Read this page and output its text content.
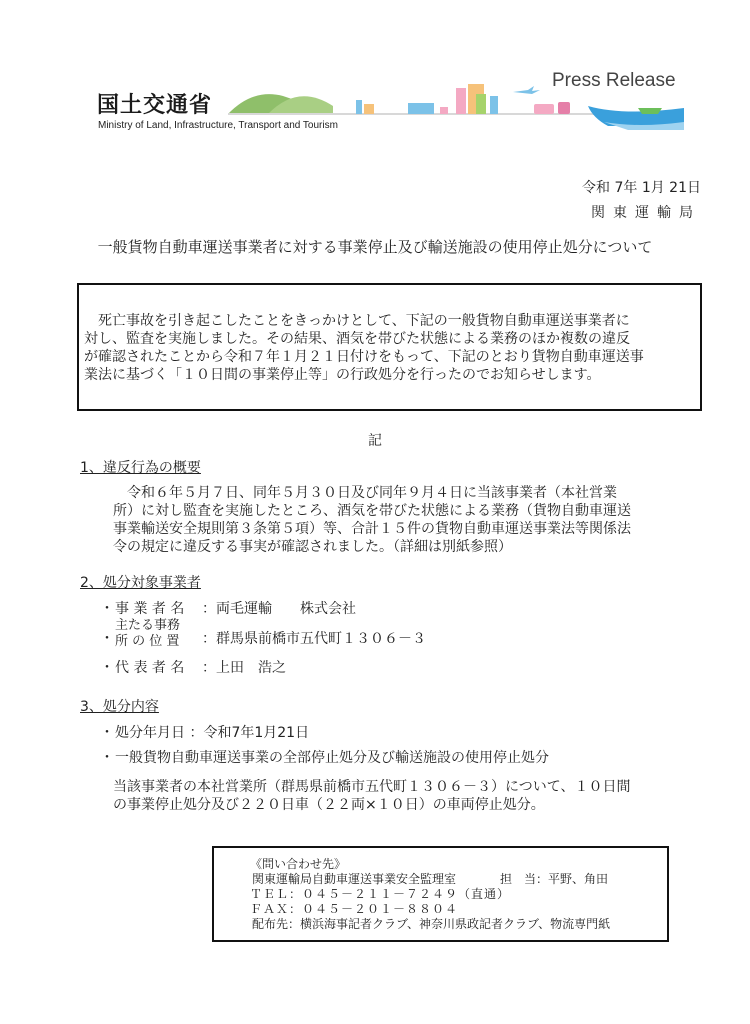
国土交通省
Ministry of Land, Infrastructure, Transport and Tourism
Press Release
令和 7年 1月 21日
関東運輸局
一般貨物自動車運送事業者に対する事業停止及び輸送施設の使用停止処分について
　死亡事故を引き起こしたことをきっかけとして、下記の一般貨物自動車運送事業者に
対し、監査を実施しました。その結果、酒気を帯びた状態による業務のほか複数の違反
が確認されたことから令和７年１月２１日付けをもって、下記のとおり貨物自動車運送事
業法に基づく「１０日間の事業停止等」の行政処分を行ったのでお知らせします。
記
1、違反行為の概要
　令和６年５月７日、同年５月３０日及び同年９月４日に当該事業者（本社営業
所）に対し監査を実施したところ、酒気を帯びた状態による業務（貨物自動車運送
事業輸送安全規則第３条第５項）等、合計１５件の貨物自動車運送事業法等関係法
令の規定に違反する事実が確認されました。（詳細は別紙参照）
2、処分対象事業者
・ 事 業 者 名 ：両毛運輸　　株式会社
・
主たる事務
所 の 位 置 ：群馬県前橋市五代町１３０６－３
・ 代 表 者 名 ：上田　浩之
3、処分内容
・ 処分年月日 ：令和7年1月21日
・ 一般貨物自動車運送事業の全部停止処分及び輸送施設の使用停止処分
当該事業者の本社営業所（群馬県前橋市五代町１３０６－３）について、１０日間
の事業停止処分及び２２０日車（２２両×１０日）の車両停止処分。
《問い合わせ先》
関東運輸局自動車運送事業安全監理室	担　当：平野、角田
ＴＥＬ：０４５－２１１－７２４９（直通）
ＦＡＸ：０４５－２０１－８８０４
配布先：横浜海事記者クラブ、神奈川県政記者クラブ、物流専門紙
